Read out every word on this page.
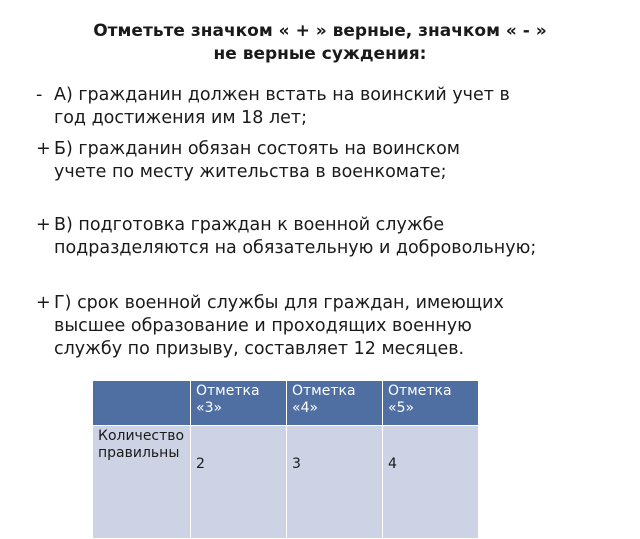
Отметьте значком « + » верные, значком « - »
не верные суждения:
- А) гражданин должен встать на воинский учет в
год достижения им 18 лет;
+ Б) гражданин обязан состоять на воинском
учете по месту жительства в военкомате;
+ В) подготовка граждан к военной службе
подразделяются на обязательную и добровольную;
+ Г) срок военной службы для граждан, имеющих
высшее образование и проходящих военную
службу по призыву, составляет 12 месяцев.
	Отметка «3»	Отметка «4»	Отметка «5»
Количество правильны	2	3	4
